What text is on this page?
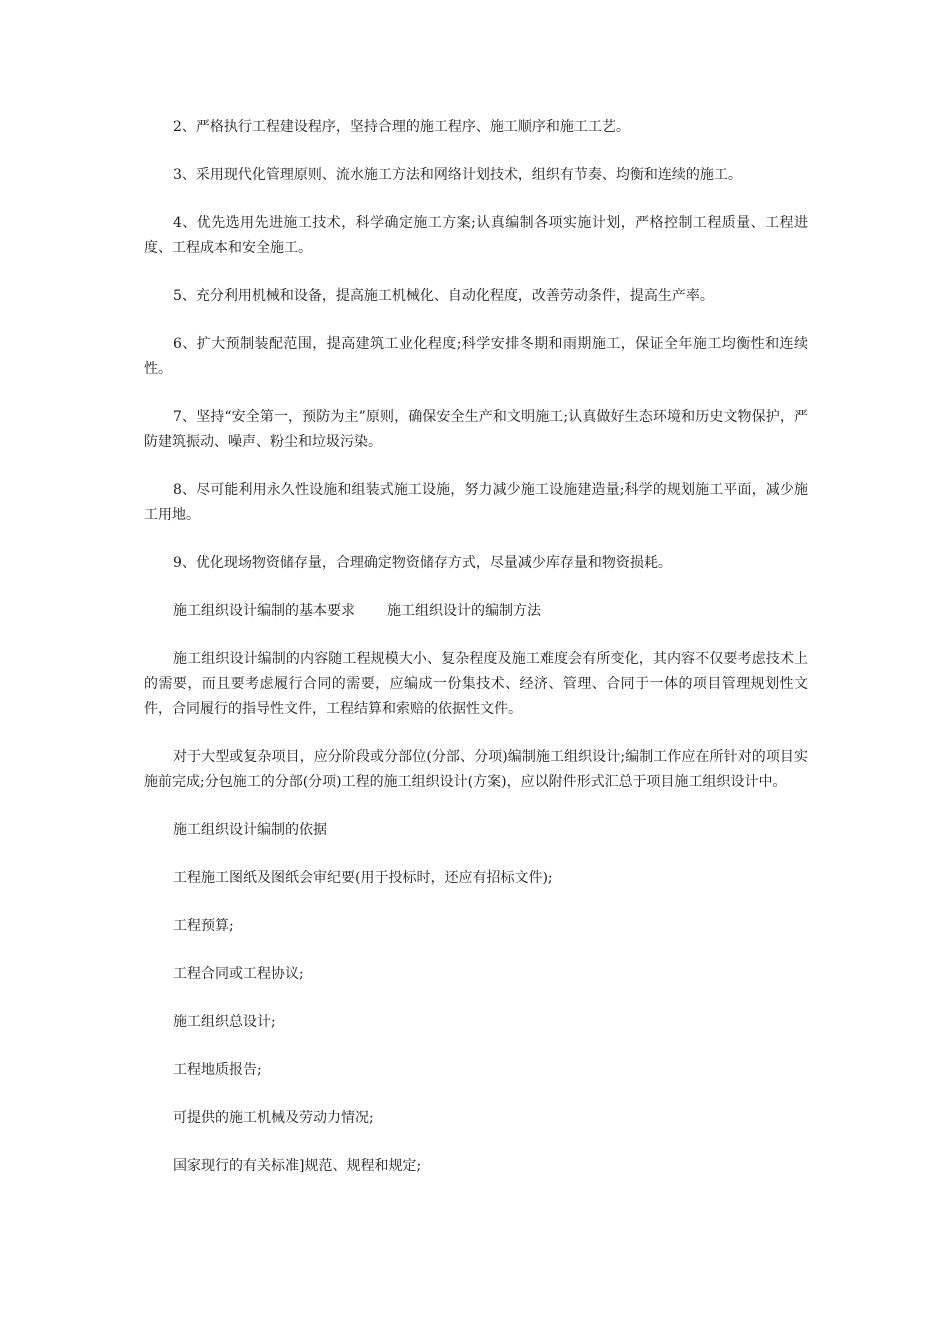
2、严格执行工程建设程序，坚持合理的施工程序、施工顺序和施工工艺。

3、采用现代化管理原则、流水施工方法和网络计划技术，组织有节奏、均衡和连续的施工。

4、优先选用先进施工技术，科学确定施工方案;认真编制各项实施计划，严格控制工程质量、工程进度、工程成本和安全施工。

5、充分利用机械和设备，提高施工机械化、自动化程度，改善劳动条件，提高生产率。

6、扩大预制装配范围，提高建筑工业化程度;科学安排冬期和雨期施工，保证全年施工均衡性和连续性。

7、坚持“安全第一，预防为主”原则，确保安全生产和文明施工;认真做好生态环境和历史文物保护，严防建筑振动、噪声、粉尘和垃圾污染。

8、尽可能利用永久性设施和组装式施工设施，努力减少施工设施建造量;科学的规划施工平面，减少施工用地。

9、优化现场物资储存量，合理确定物资储存方式，尽量减少库存量和物资损耗。

施工组织设计编制的基本要求 施工组织设计的编制方法

施工组织设计编制的内容随工程规模大小、复杂程度及施工难度会有所变化，其内容不仅要考虑技术上的需要，而且要考虑履行合同的需要，应编成一份集技术、经济、管理、合同于一体的项目管理规划性文件，合同履行的指导性文件，工程结算和索赔的依据性文件。

对于大型或复杂项目，应分阶段或分部位(分部、分项)编制施工组织设计;编制工作应在所针对的项目实施前完成;分包施工的分部(分项)工程的施工组织设计(方案)，应以附件形式汇总于项目施工组织设计中。

施工组织设计编制的依据

工程施工图纸及图纸会审纪要(用于投标时，还应有招标文件);

工程预算;

工程合同或工程协议;

施工组织总设计;

工程地质报告;

可提供的施工机械及劳动力情况;

国家现行的有关标准]规范、规程和规定;
